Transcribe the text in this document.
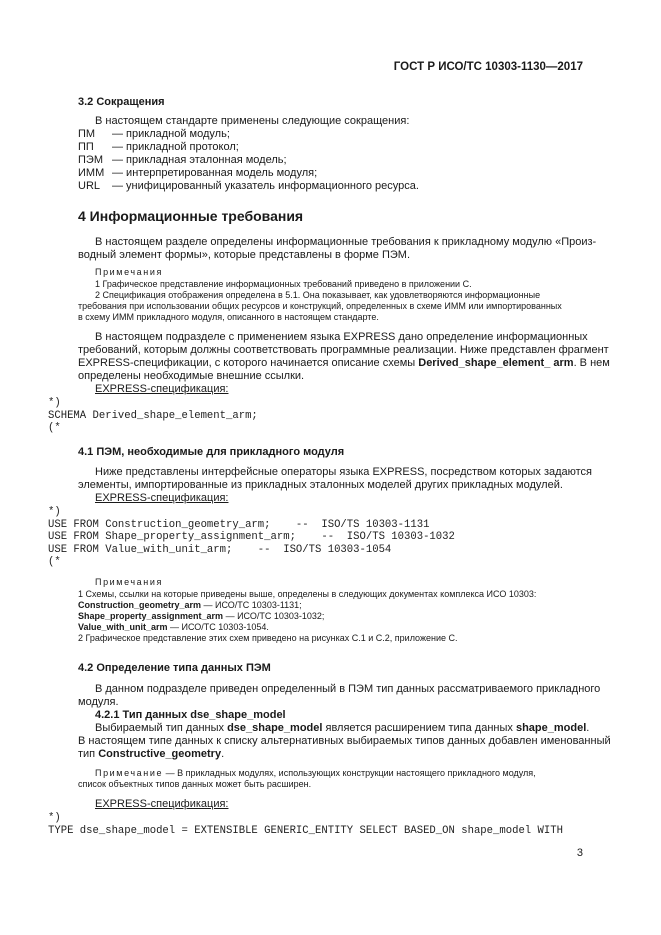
ГОСТ Р ИСО/ТС 10303-1130—2017
3.2 Сокращения
В настоящем стандарте применены следующие сокращения:
ПМ	— прикладной модуль;
ПП	— прикладной протокол;
ПЭМ — прикладная эталонная модель;
ИММ — интерпретированная модель модуля;
URL	— унифицированный указатель информационного ресурса.
4 Информационные требования
В настоящем разделе определены информационные требования к прикладному модулю «Произ-
водный элемент формы», которые представлены в форме ПЭМ.
Примечания
1 Графическое представление информационных требований приведено в приложении С.
2 Спецификация отображения определена в 5.1. Она показывает, как удовлетворяются информационные
требования при использовании общих ресурсов и конструкций, определенных в схеме ИММ или импортированных
в схему ИММ прикладного модуля, описанного в настоящем стандарте.
В настоящем подразделе с применением языка EXPRESS дано определение информационных
требований, которым должны соответствовать программные реализации. Ниже представлен фрагмент
EXPRESS-спецификации, с которого начинается описание схемы Derived_shape_element_ arm. В нем
определены необходимые внешние ссылки.
EXPRESS-спецификация:
*)
SCHEMA Derived_shape_element_arm;
(*
4.1 ПЭМ, необходимые для прикладного модуля
Ниже представлены интерфейсные операторы языка EXPRESS, посредством которых задаются
элементы, импортированные из прикладных эталонных моделей других прикладных модулей.
EXPRESS-спецификация:
*)
USE FROM Construction_geometry_arm;    --  ISO/TS 10303-1131
USE FROM Shape_property_assignment_arm;    --  ISO/TS 10303-1032
USE FROM Value_with_unit_arm;    --  ISO/TS 10303-1054
(*
Примечания
1 Схемы, ссылки на которые приведены выше, определены в следующих документах комплекса ИСО 10303:
Construction_geometry_arm — ИСО/ТС 10303-1131;
Shape_property_assignment_arm — ИСО/ТС 10303-1032;
Value_with_unit_arm — ИСО/ТС 10303-1054.
2 Графическое представление этих схем приведено на рисунках С.1 и С.2, приложение С.
4.2 Определение типа данных ПЭМ
В данном подразделе приведен определенный в ПЭМ тип данных рассматриваемого прикладного
модуля.
4.2.1 Тип данных dse_shape_model
Выбираемый тип данных dse_shape_model является расширением типа данных shape_model.
В настоящем типе данных к списку альтернативных выбираемых типов данных добавлен именованный
тип Constructive_geometry.
Примечание — В прикладных модулях, использующих конструкции настоящего прикладного модуля,
список объектных типов данных может быть расширен.
EXPRESS-спецификация:
*)
TYPE dse_shape_model = EXTENSIBLE GENERIC_ENTITY SELECT BASED_ON shape_model WITH
3
